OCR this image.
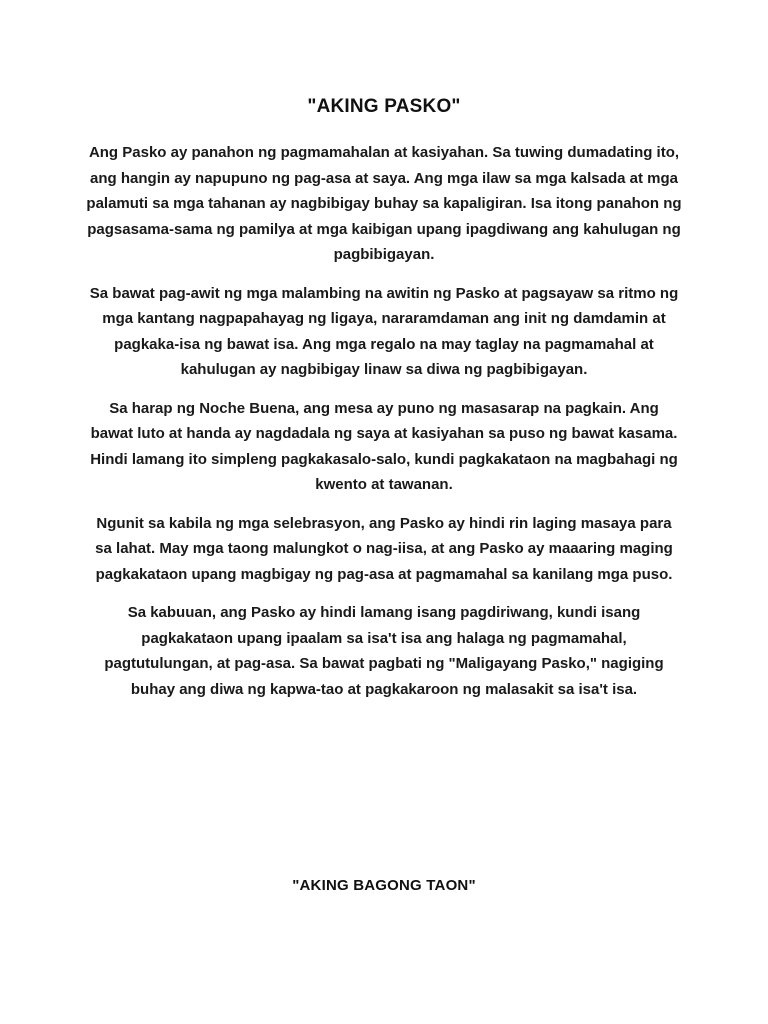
"AKING PASKO"

Ang Pasko ay panahon ng pagmamahalan at kasiyahan. Sa tuwing dumadating ito, ang hangin ay napupuno ng pag-asa at saya. Ang mga ilaw sa mga kalsada at mga palamuti sa mga tahanan ay nagbibigay buhay sa kapaligiran. Isa itong panahon ng pagsasama-sama ng pamilya at mga kaibigan upang ipagdiwang ang kahulugan ng pagbibigayan.

Sa bawat pag-awit ng mga malambing na awitin ng Pasko at pagsayaw sa ritmo ng mga kantang nagpapahayag ng ligaya, nararamdaman ang init ng damdamin at pagkaka-isa ng bawat isa. Ang mga regalo na may taglay na pagmamahal at kahulugan ay nagbibigay linaw sa diwa ng pagbibigayan.

Sa harap ng Noche Buena, ang mesa ay puno ng masasarap na pagkain. Ang bawat luto at handa ay nagdadala ng saya at kasiyahan sa puso ng bawat kasama. Hindi lamang ito simpleng pagkakasalo-salo, kundi pagkakataon na magbahagi ng kwento at tawanan.

Ngunit sa kabila ng mga selebrasyon, ang Pasko ay hindi rin laging masaya para sa lahat. May mga taong malungkot o nag-iisa, at ang Pasko ay maaaring maging pagkakataon upang magbigay ng pag-asa at pagmamahal sa kanilang mga puso.

Sa kabuuan, ang Pasko ay hindi lamang isang pagdiriwang, kundi isang pagkakataon upang ipaalam sa isa't isa ang halaga ng pagmamahal, pagtutulungan, at pag-asa. Sa bawat pagbati ng "Maligayang Pasko," nagiging buhay ang diwa ng kapwa-tao at pagkakaroon ng malasakit sa isa't isa.

"AKING BAGONG TAON"
